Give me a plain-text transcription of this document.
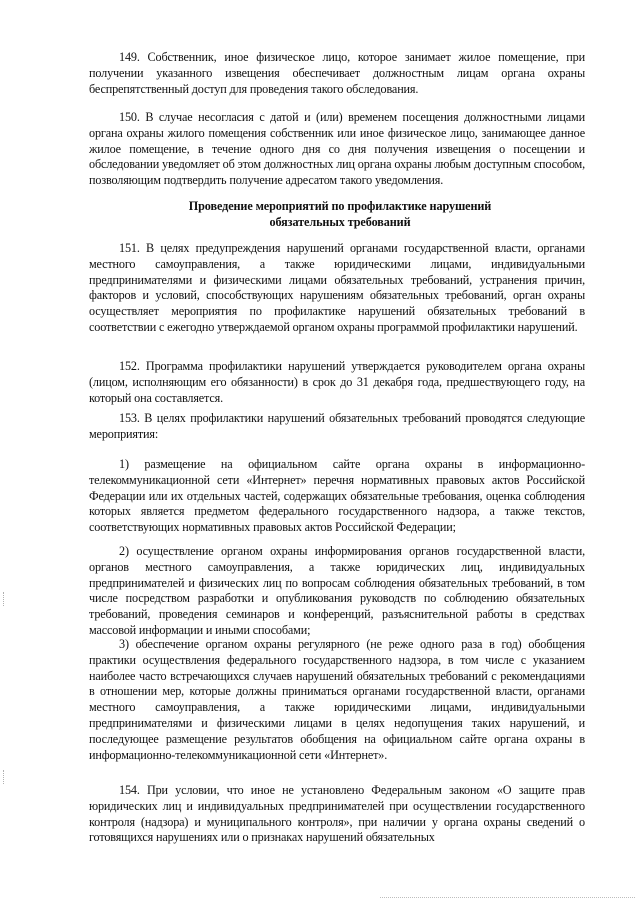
149. Собственник, иное физическое лицо, которое занимает жилое помещение, при получении указанного извещения обеспечивает должностным лицам органа охраны беспрепятственный доступ для проведения такого обследования.

150. В случае несогласия с датой и (или) временем посещения должностными лицами органа охраны жилого помещения собственник или иное физическое лицо, занимающее данное жилое помещение, в течение одного дня со дня получения извещения о посещении и обследовании уведомляет об этом должностных лиц органа охраны любым доступным способом, позволяющим подтвердить получение адресатом такого уведомления.

Проведение мероприятий по профилактике нарушений
обязательных требований

151. В целях предупреждения нарушений органами государственной власти, органами местного самоуправления, а также юридическими лицами, индивидуальными предпринимателями и физическими лицами обязательных требований, устранения причин, факторов и условий, способствующих нарушениям обязательных требований, орган охраны осуществляет мероприятия по профилактике нарушений обязательных требований в соответствии с ежегодно утверждаемой органом охраны программой профилактики нарушений.

152. Программа профилактики нарушений утверждается руководителем органа охраны (лицом, исполняющим его обязанности) в срок до 31 декабря года, предшествующего году, на который она составляется.

153. В целях профилактики нарушений обязательных требований проводятся следующие мероприятия:

1) размещение на официальном сайте органа охраны в информационно-телекоммуникационной сети «Интернет» перечня нормативных правовых актов Российской Федерации или их отдельных частей, содержащих обязательные требования, оценка соблюдения которых является предметом федерального государственного надзора, а также текстов, соответствующих нормативных правовых актов Российской Федерации;

2) осуществление органом охраны информирования органов государственной власти, органов местного самоуправления, а также юридических лиц, индивидуальных предпринимателей и физических лиц по вопросам соблюдения обязательных требований, в том числе посредством разработки и опубликования руководств по соблюдению обязательных требований, проведения семинаров и конференций, разъяснительной работы в средствах массовой информации и иными способами;

3) обеспечение органом охраны регулярного (не реже одного раза в год) обобщения практики осуществления федерального государственного надзора, в том числе с указанием наиболее часто встречающихся случаев нарушений обязательных требований с рекомендациями в отношении мер, которые должны приниматься органами государственной власти, органами местного самоуправления, а также юридическими лицами, индивидуальными предпринимателями и физическими лицами в целях недопущения таких нарушений, и последующее размещение результатов обобщения на официальном сайте органа охраны в информационно-телекоммуникационной сети «Интернет».

154. При условии, что иное не установлено Федеральным законом «О защите прав юридических лиц и индивидуальных предпринимателей при осуществлении государственного контроля (надзора) и муниципального контроля», при наличии у органа охраны сведений о готовящихся нарушениях или о признаках нарушений обязательных
